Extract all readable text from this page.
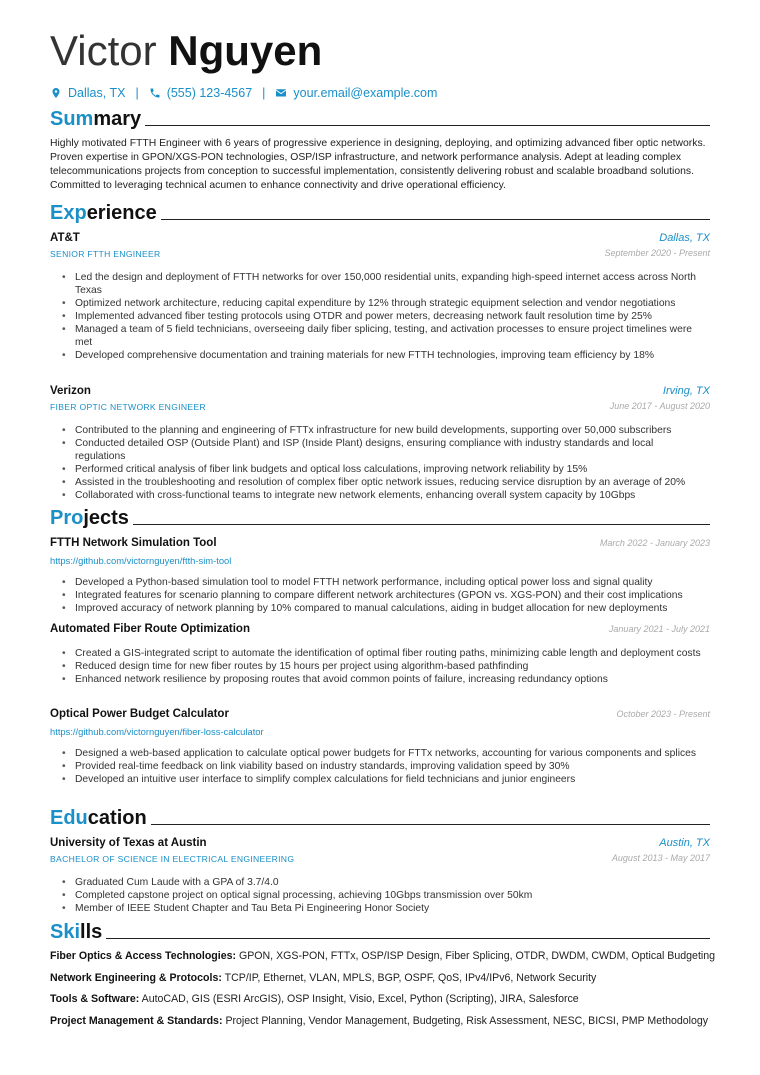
Victor Nguyen
Dallas, TX | (555) 123-4567 | your.email@example.com
Summary
Highly motivated FTTH Engineer with 6 years of progressive experience in designing, deploying, and optimizing advanced fiber optic networks. Proven expertise in GPON/XGS-PON technologies, OSP/ISP infrastructure, and network performance analysis. Adept at leading complex telecommunications projects from conception to successful implementation, consistently delivering robust and scalable broadband solutions. Committed to leveraging technical acumen to enhance connectivity and drive operational efficiency.
Experience
AT&T	Dallas, TX
SENIOR FTTH ENGINEER	September 2020 - Present
• Led the design and deployment of FTTH networks for over 150,000 residential units, expanding high-speed internet access across North Texas
• Optimized network architecture, reducing capital expenditure by 12% through strategic equipment selection and vendor negotiations
• Implemented advanced fiber testing protocols using OTDR and power meters, decreasing network fault resolution time by 25%
• Managed a team of 5 field technicians, overseeing daily fiber splicing, testing, and activation processes to ensure project timelines were met
• Developed comprehensive documentation and training materials for new FTTH technologies, improving team efficiency by 18%
Verizon	Irving, TX
FIBER OPTIC NETWORK ENGINEER	June 2017 - August 2020
• Contributed to the planning and engineering of FTTx infrastructure for new build developments, supporting over 50,000 subscribers
• Conducted detailed OSP (Outside Plant) and ISP (Inside Plant) designs, ensuring compliance with industry standards and local regulations
• Performed critical analysis of fiber link budgets and optical loss calculations, improving network reliability by 15%
• Assisted in the troubleshooting and resolution of complex fiber optic network issues, reducing service disruption by an average of 20%
• Collaborated with cross-functional teams to integrate new network elements, enhancing overall system capacity by 10Gbps
Projects
FTTH Network Simulation Tool	March 2022 - January 2023
https://github.com/victornguyen/ftth-sim-tool
• Developed a Python-based simulation tool to model FTTH network performance, including optical power loss and signal quality
• Integrated features for scenario planning to compare different network architectures (GPON vs. XGS-PON) and their cost implications
• Improved accuracy of network planning by 10% compared to manual calculations, aiding in budget allocation for new deployments
Automated Fiber Route Optimization	January 2021 - July 2021
• Created a GIS-integrated script to automate the identification of optimal fiber routing paths, minimizing cable length and deployment costs
• Reduced design time for new fiber routes by 15 hours per project using algorithm-based pathfinding
• Enhanced network resilience by proposing routes that avoid common points of failure, increasing redundancy options
Optical Power Budget Calculator	October 2023 - Present
https://github.com/victornguyen/fiber-loss-calculator
• Designed a web-based application to calculate optical power budgets for FTTx networks, accounting for various components and splices
• Provided real-time feedback on link viability based on industry standards, improving validation speed by 30%
• Developed an intuitive user interface to simplify complex calculations for field technicians and junior engineers
Education
University of Texas at Austin	Austin, TX
BACHELOR OF SCIENCE IN ELECTRICAL ENGINEERING	August 2013 - May 2017
• Graduated Cum Laude with a GPA of 3.7/4.0
• Completed capstone project on optical signal processing, achieving 10Gbps transmission over 50km
• Member of IEEE Student Chapter and Tau Beta Pi Engineering Honor Society
Skills
Fiber Optics & Access Technologies: GPON, XGS-PON, FTTx, OSP/ISP Design, Fiber Splicing, OTDR, DWDM, CWDM, Optical Budgeting
Network Engineering & Protocols: TCP/IP, Ethernet, VLAN, MPLS, BGP, OSPF, QoS, IPv4/IPv6, Network Security
Tools & Software: AutoCAD, GIS (ESRI ArcGIS), OSP Insight, Visio, Excel, Python (Scripting), JIRA, Salesforce
Project Management & Standards: Project Planning, Vendor Management, Budgeting, Risk Assessment, NESC, BICSI, PMP Methodology
